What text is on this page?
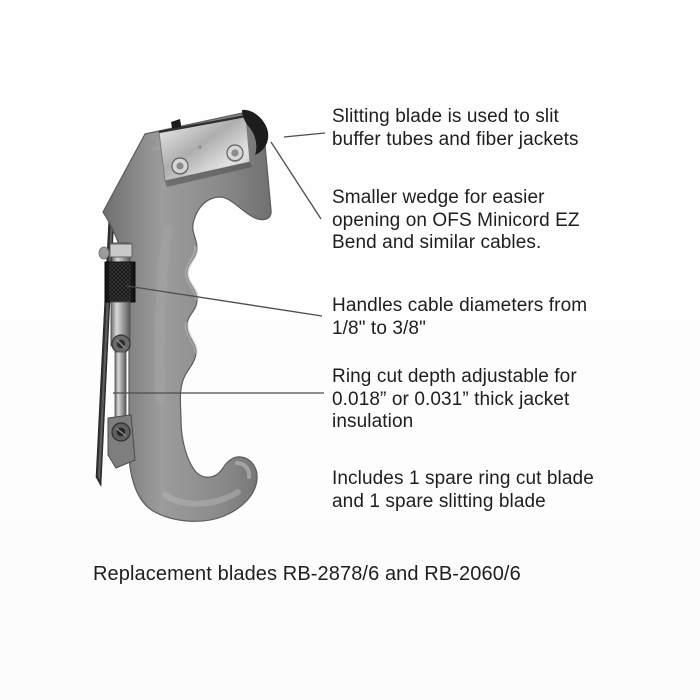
Slitting blade is used to slit
buffer tubes and fiber jackets
Smaller wedge for easier
opening on OFS Minicord EZ
Bend and similar cables.
Handles cable diameters from
1/8" to 3/8"
Ring cut depth adjustable for
0.018” or 0.031” thick jacket
insulation
Includes 1 spare ring cut blade
and 1 spare slitting blade
Replacement blades RB-2878/6 and RB-2060/6
